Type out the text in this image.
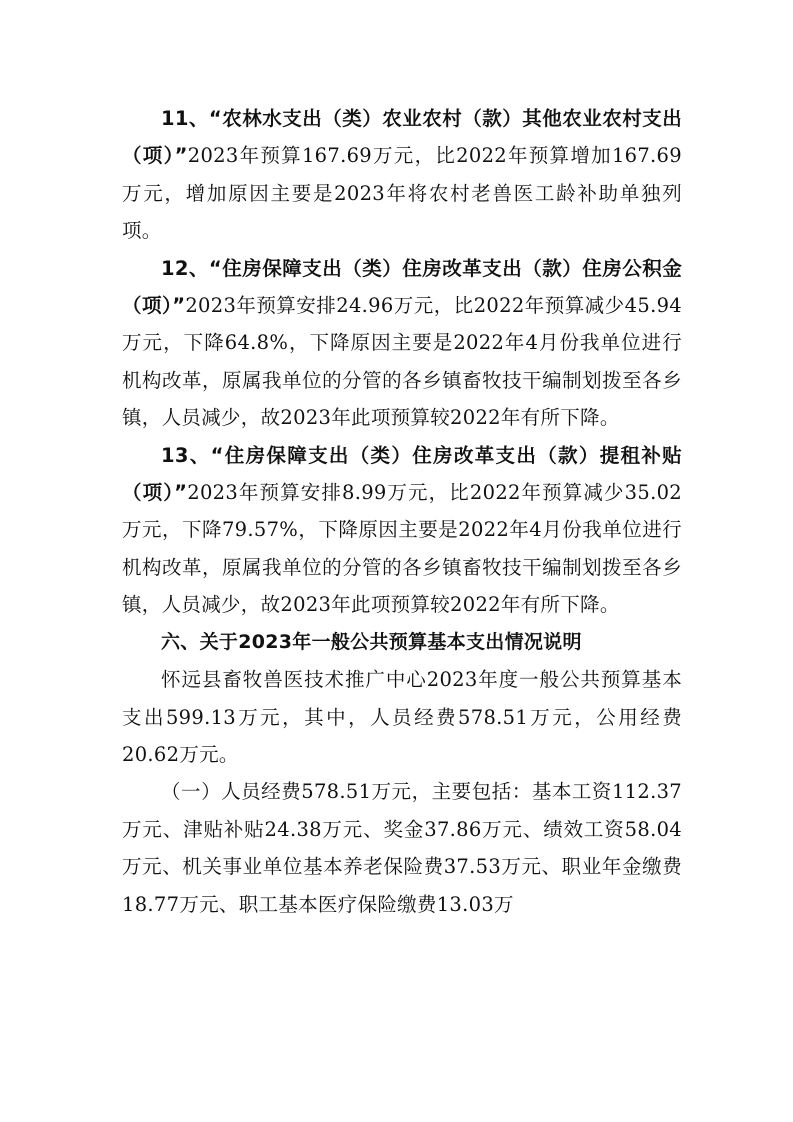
11、“农林水支出（类）农业农村（款）其他农业农村支出（项）”2023年预算167.69万元，比2022年预算增加167.69万元，增加原因主要是2023年将农村老兽医工龄补助单独列项。

12、“住房保障支出（类）住房改革支出（款）住房公积金（项）”2023年预算安排24.96万元，比2022年预算减少45.94万元，下降64.8%，下降原因主要是2022年4月份我单位进行机构改革，原属我单位的分管的各乡镇畜牧技干编制划拨至各乡镇，人员减少，故2023年此项预算较2022年有所下降。

13、“住房保障支出（类）住房改革支出（款）提租补贴（项）”2023年预算安排8.99万元，比2022年预算减少35.02万元，下降79.57%，下降原因主要是2022年4月份我单位进行机构改革，原属我单位的分管的各乡镇畜牧技干编制划拨至各乡镇，人员减少，故2023年此项预算较2022年有所下降。

六、关于2023年一般公共预算基本支出情况说明

怀远县畜牧兽医技术推广中心2023年度一般公共预算基本支出599.13万元，其中，人员经费578.51万元，公用经费20.62万元。

（一）人员经费578.51万元，主要包括：基本工资112.37万元、津贴补贴24.38万元、奖金37.86万元、绩效工资58.04万元、机关事业单位基本养老保险费37.53万元、职业年金缴费18.77万元、职工基本医疗保险缴费13.03万
